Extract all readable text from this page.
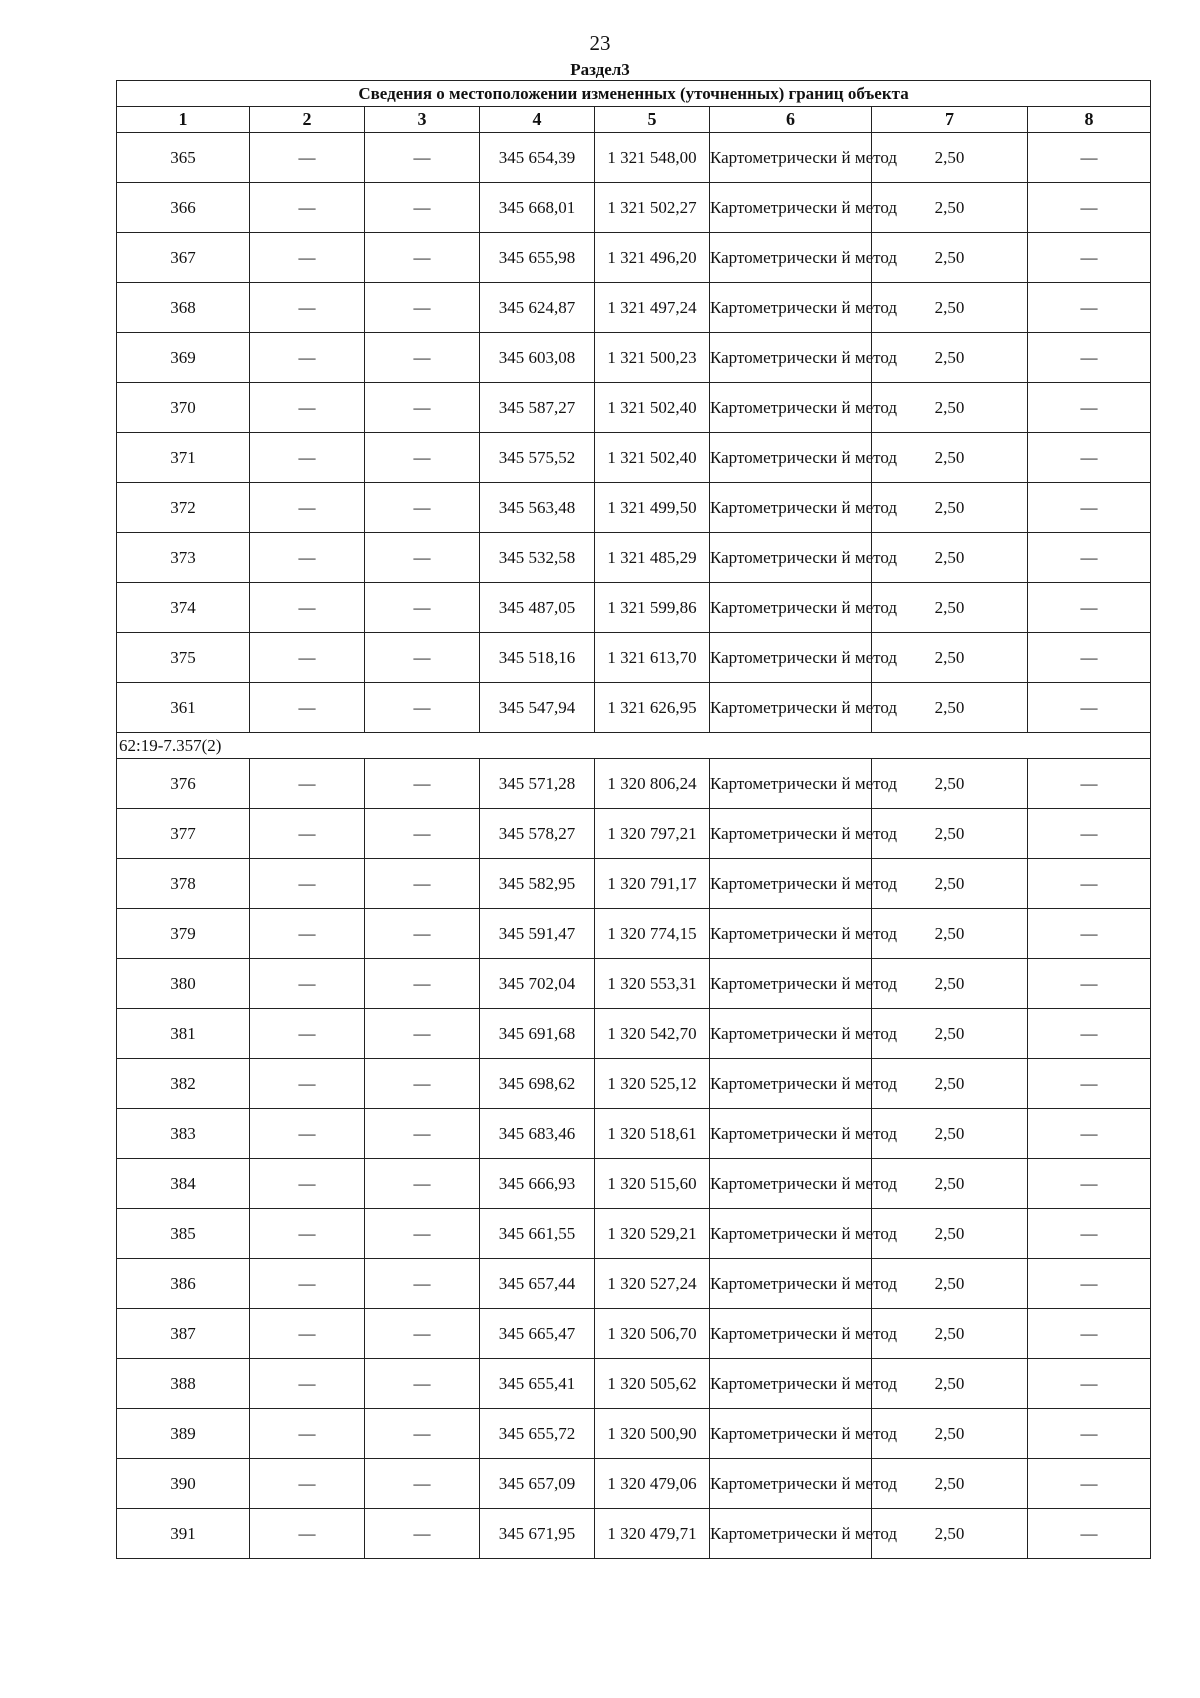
23
Раздел3
Сведения о местоположении измененных (уточненных) границ объекта							
1	2	3	4	5	6	7	8
365	—	—	345 654,39	1 321 548,00	Картометрически й метод	2,50	—
366	—	—	345 668,01	1 321 502,27	Картометрически й метод	2,50	—
367	—	—	345 655,98	1 321 496,20	Картометрически й метод	2,50	—
368	—	—	345 624,87	1 321 497,24	Картометрически й метод	2,50	—
369	—	—	345 603,08	1 321 500,23	Картометрически й метод	2,50	—
370	—	—	345 587,27	1 321 502,40	Картометрически й метод	2,50	—
371	—	—	345 575,52	1 321 502,40	Картометрически й метод	2,50	—
372	—	—	345 563,48	1 321 499,50	Картометрически й метод	2,50	—
373	—	—	345 532,58	1 321 485,29	Картометрически й метод	2,50	—
374	—	—	345 487,05	1 321 599,86	Картометрически й метод	2,50	—
375	—	—	345 518,16	1 321 613,70	Картометрически й метод	2,50	—
361	—	—	345 547,94	1 321 626,95	Картометрически й метод	2,50	—
62:19-7.357(2)							
376	—	—	345 571,28	1 320 806,24	Картометрически й метод	2,50	—
377	—	—	345 578,27	1 320 797,21	Картометрически й метод	2,50	—
378	—	—	345 582,95	1 320 791,17	Картометрически й метод	2,50	—
379	—	—	345 591,47	1 320 774,15	Картометрически й метод	2,50	—
380	—	—	345 702,04	1 320 553,31	Картометрически й метод	2,50	—
381	—	—	345 691,68	1 320 542,70	Картометрически й метод	2,50	—
382	—	—	345 698,62	1 320 525,12	Картометрически й метод	2,50	—
383	—	—	345 683,46	1 320 518,61	Картометрически й метод	2,50	—
384	—	—	345 666,93	1 320 515,60	Картометрически й метод	2,50	—
385	—	—	345 661,55	1 320 529,21	Картометрически й метод	2,50	—
386	—	—	345 657,44	1 320 527,24	Картометрически й метод	2,50	—
387	—	—	345 665,47	1 320 506,70	Картометрически й метод	2,50	—
388	—	—	345 655,41	1 320 505,62	Картометрически й метод	2,50	—
389	—	—	345 655,72	1 320 500,90	Картометрически й метод	2,50	—
390	—	—	345 657,09	1 320 479,06	Картометрически й метод	2,50	—
391	—	—	345 671,95	1 320 479,71	Картометрически й метод	2,50	—
